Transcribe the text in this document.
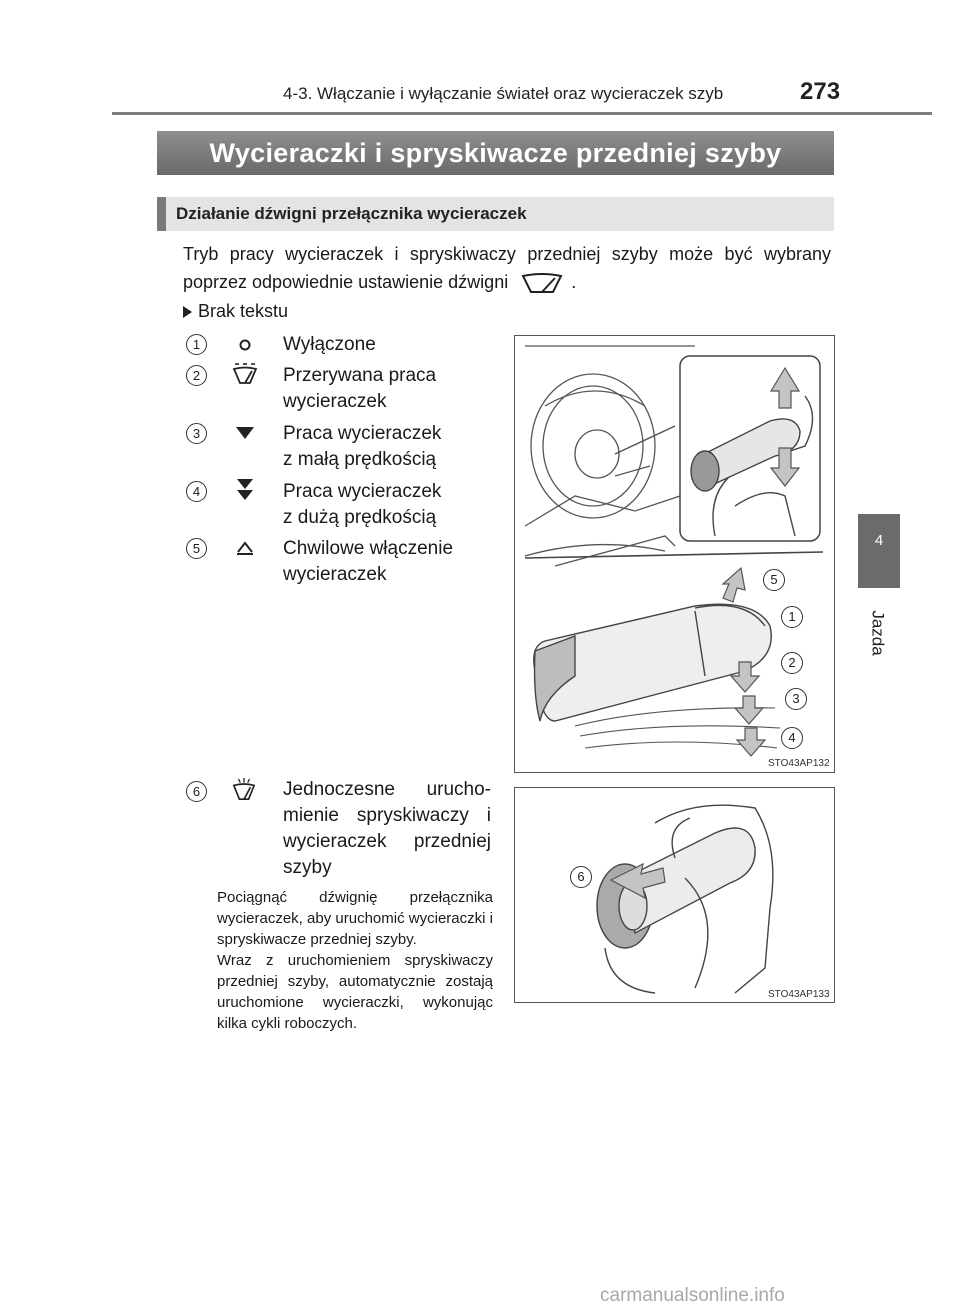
4-3. Włączanie i wyłączanie świateł oraz wycieraczek szyb	273
4
Jazda
Wycieraczki i spryskiwacze przedniej szyby
Działanie dźwigni przełącznika wycieraczek
Tryb pracy wycieraczek i spryskiwaczy przedniej szyby może być wybrany poprzez odpowiednie ustawienie dźwigni	.
Brak tekstu
1	Wyłączone
2	Przerywana praca
wycieraczek
3	Praca wycieraczek
z małą prędkością
4	Praca wycieraczek
z dużą prędkością
5	Chwilowe włączenie
wycieraczek	5
1
2
3
4
STO43AP132
6	Jednoczesne uruchomienie spryskiwaczy i wycieraczek przedniej szyby

Pociągnąć dźwignię przełącznika wycieraczek, aby uruchomić wycieraczki i spryskiwacze przedniej szyby.

Wraz z uruchomieniem spryskiwaczy przedniej szyby, automatycznie zostają uruchomione wycieraczki, wykonując kilka cykli roboczych.

6
STO43AP133
carmanualsonline.info
